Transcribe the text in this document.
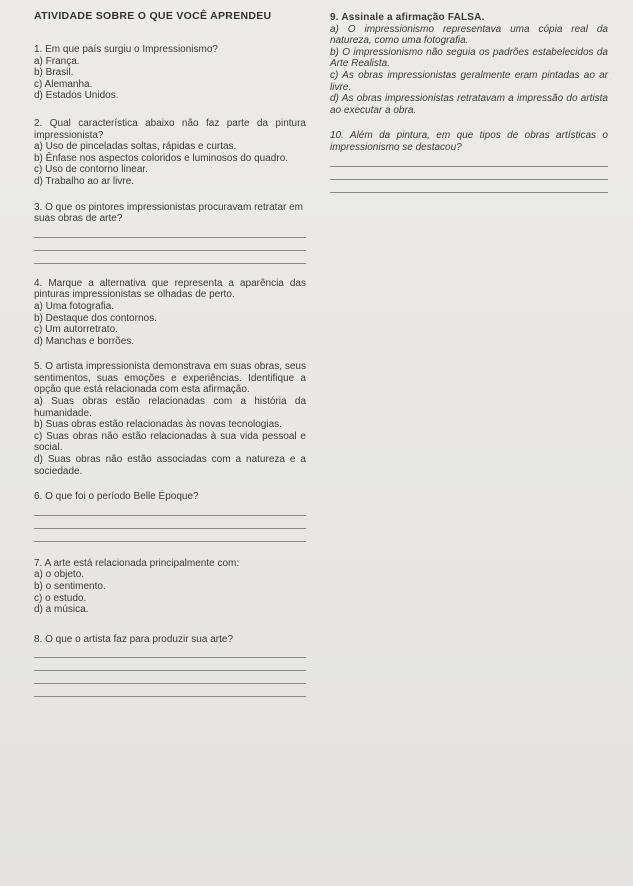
ATIVIDADE SOBRE O QUE VOCÊ APRENDEU

1. Em que país surgiu o Impressionismo?

a) França.

b) Brasil.

c) Alemanha.

d) Estados Unidos.

2. Qual característica abaixo não faz parte da pintura impressionista?

a) Uso de pinceladas soltas, rápidas e curtas.

b) Ênfase nos aspectos coloridos e luminosos do quadro.

c) Uso de contorno linear.

d) Trabalho ao ar livre.

3. O que os pintores impressionistas procuravam retratar em suas obras de arte?

4. Marque a alternativa que representa a aparência das pinturas impressionistas se olhadas de perto.

a) Uma fotografia.

b) Destaque dos contornos.

c) Um autorretrato.

d) Manchas e borrões.

5. O artista impressionista demonstrava em suas obras, seus sentimentos, suas emoções e experiências. Identifique a opção que está relacionada com esta afirmação.

a) Suas obras estão relacionadas com a história da humanidade.

b) Suas obras estão relacionadas às novas tecnologias.

c) Suas obras não estão relacionadas à sua vida pessoal e social.

d) Suas obras não estão associadas com a natureza e a sociedade.

6. O que foi o período Belle Époque?

7. A arte está relacionada principalmente com:

a) o objeto.

b) o sentimento.

c) o estudo.

d) a música.

8. O que o artista faz para produzir sua arte?

9. Assinale a afirmação FALSA.

a) O impressionismo representava uma cópia real da natureza, como uma fotografia.

b) O impressionismo não seguia os padrões estabelecidos da Arte Realista.

c) As obras impressionistas geralmente eram pintadas ao ar livre.

d) As obras impressionistas retratavam a impressão do artista ao executar a obra.

10. Além da pintura, em que tipos de obras artísticas o impressionismo se destacou?
